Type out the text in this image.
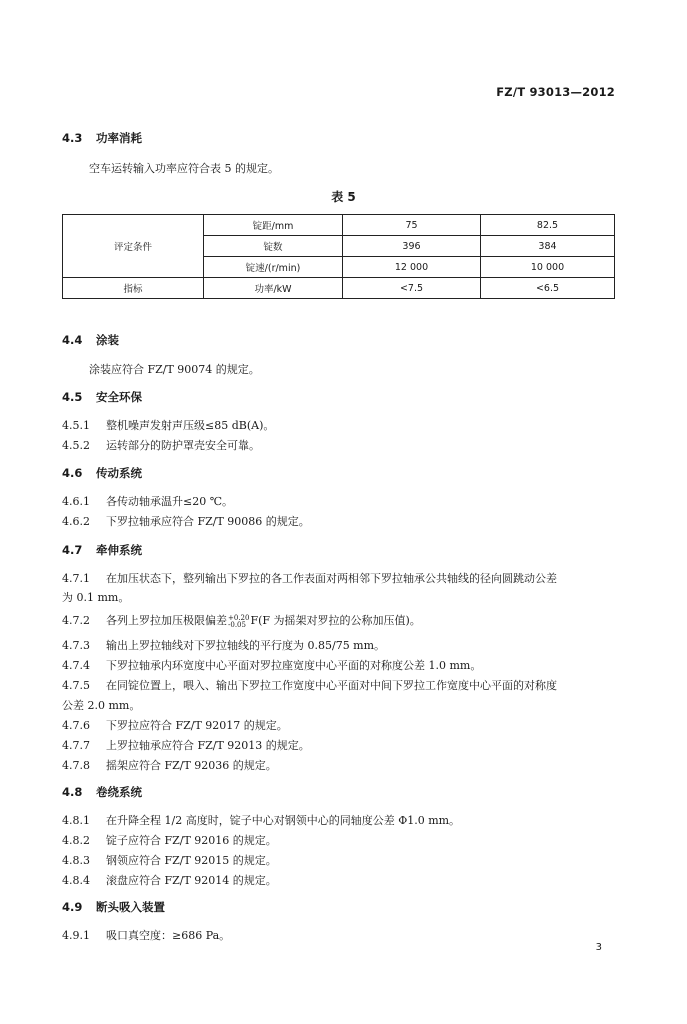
FZ/T 93013—2012
4.3 功率消耗
空车运转输入功率应符合表 5 的规定。
表 5
评定条件	锭距/mm	75	82.5
	锭数	396	384
	锭速/(r/min)	12 000	10 000
指标	功率/kW	<7.5	<6.5
4.4 涂装
涂装应符合 FZ/T 90074 的规定。
4.5 安全环保
4.5.1 整机噪声发射声压级≤85 dB(A)。
4.5.2 运转部分的防护罩壳安全可靠。
4.6 传动系统
4.6.1 各传动轴承温升≤20 ℃。
4.6.2 下罗拉轴承应符合 FZ/T 90086 的规定。
4.7 牵伸系统
4.7.1 在加压状态下，整列输出下罗拉的各工作表面对两相邻下罗拉轴承公共轴线的径向圆跳动公差
为 0.1 mm。
4.7.2 各列上罗拉加压极限偏差+0.20
-0.05 F(F 为摇架对罗拉的公称加压值)。
4.7.3 输出上罗拉轴线对下罗拉轴线的平行度为 0.85/75 mm。
4.7.4 下罗拉轴承内环宽度中心平面对罗拉座宽度中心平面的对称度公差 1.0 mm。
4.7.5 在同锭位置上，喂入、输出下罗拉工作宽度中心平面对中间下罗拉工作宽度中心平面的对称度
公差 2.0 mm。
4.7.6 下罗拉应符合 FZ/T 92017 的规定。
4.7.7 上罗拉轴承应符合 FZ/T 92013 的规定。
4.7.8 摇架应符合 FZ/T 92036 的规定。
4.8 卷绕系统
4.8.1 在升降全程 1/2 高度时，锭子中心对钢领中心的同轴度公差 Φ1.0 mm。
4.8.2 锭子应符合 FZ/T 92016 的规定。
4.8.3 钢领应符合 FZ/T 92015 的规定。
4.8.4 滚盘应符合 FZ/T 92014 的规定。
4.9 断头吸入装置
4.9.1 吸口真空度：≥686 Pa。
3
